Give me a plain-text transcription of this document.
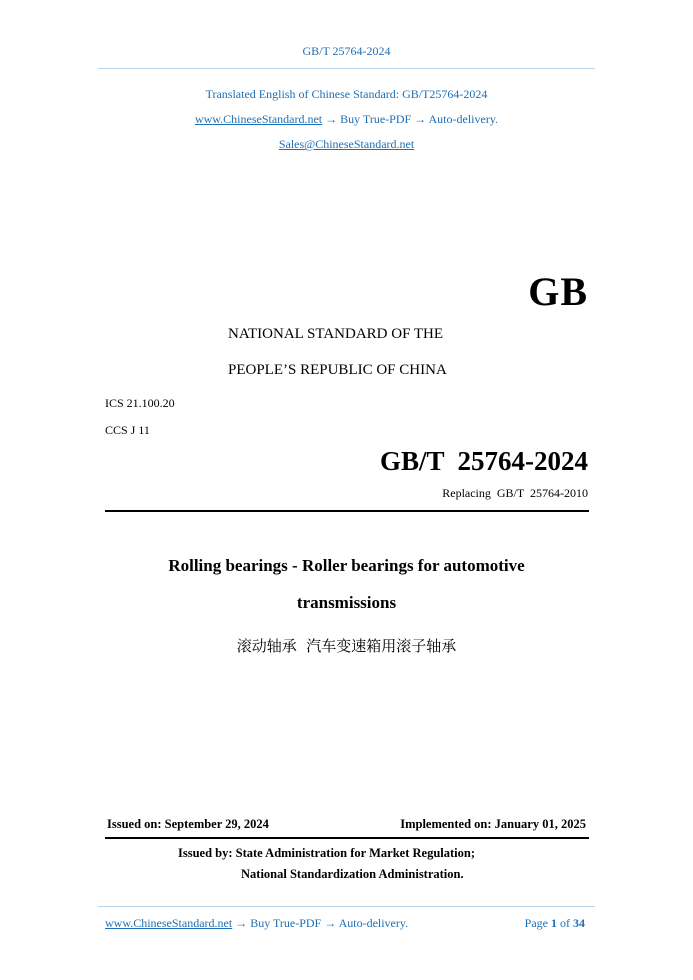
GB/T 25764-2024
Translated English of Chinese Standard: GB/T25764-2024
www.ChineseStandard.net → Buy True-PDF → Auto-delivery.
Sales@ChineseStandard.net
GB
NATIONAL STANDARD OF THE
PEOPLE’S REPUBLIC OF CHINA
ICS 21.100.20
CCS J 11
GB/T  25764-2024
Replacing  GB/T  25764-2010
Rolling bearings - Roller bearings for automotive
transmissions
滚动轴承  汽车变速箱用滚子轴承
Issued on: September 29, 2024	Implemented on: January 01, 2025
Issued by: State Administration for Market Regulation;
National Standardization Administration.
www.ChineseStandard.net → Buy True-PDF → Auto-delivery.	Page 1 of 34
